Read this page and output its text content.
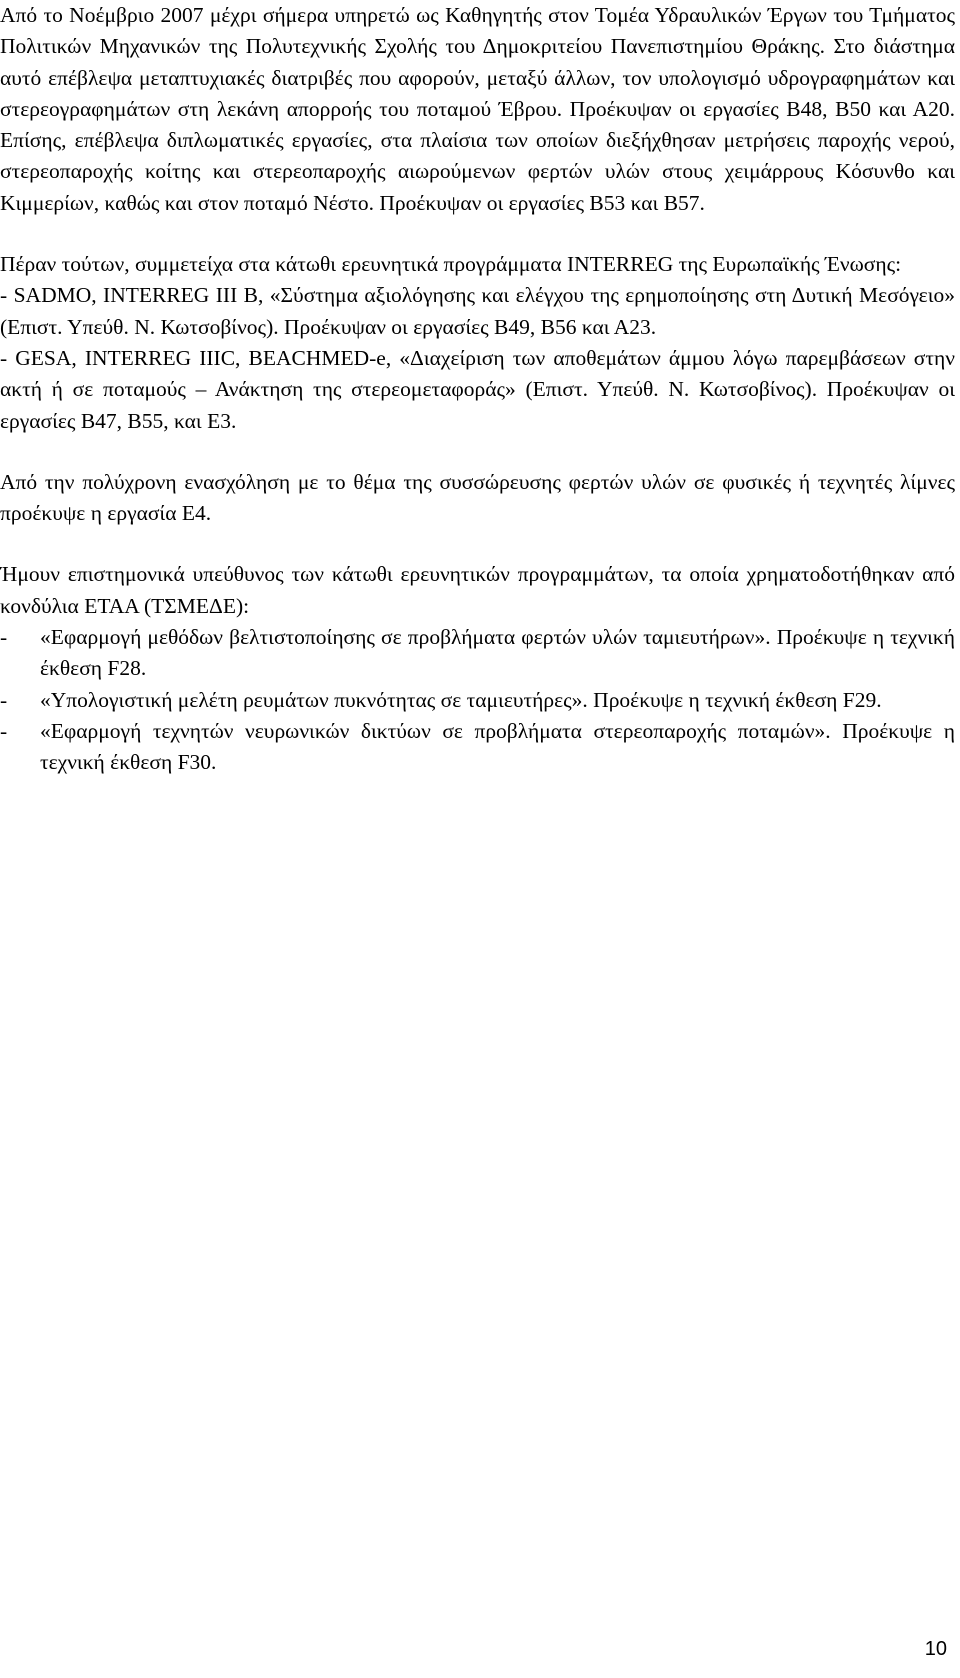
Από το Νοέμβριο 2007 μέχρι σήμερα υπηρετώ ως Καθηγητής στον Τομέα Υδραυλικών Έργων του Τμήματος Πολιτικών Μηχανικών της Πολυτεχνικής Σχολής του Δημοκριτείου Πανεπιστημίου Θράκης. Στο διάστημα αυτό επέβλεψα μεταπτυχιακές διατριβές που αφορούν, μεταξύ άλλων, τον υπολογισμό υδρογραφημάτων και στερεογραφημάτων στη λεκάνη απορροής του ποταμού Έβρου. Προέκυψαν οι εργασίες Β48, Β50 και Α20. Επίσης, επέβλεψα διπλωματικές εργασίες, στα πλαίσια των οποίων διεξήχθησαν μετρήσεις παροχής νερού, στερεοπαροχής κοίτης και στερεοπαροχής αιωρούμενων φερτών υλών στους χειμάρρους Κόσυνθο και Κιμμερίων, καθώς και στον ποταμό Νέστο. Προέκυψαν οι εργασίες Β53 και Β57.

Πέραν τούτων, συμμετείχα στα κάτωθι ερευνητικά προγράμματα INTERREG της Ευρωπαϊκής Ένωσης:

- SADMO, INTERREG III B, «Σύστημα αξιολόγησης και ελέγχου της ερημοποίησης στη Δυτική Μεσόγειο» (Επιστ. Υπεύθ. Ν. Κωτσοβίνος). Προέκυψαν οι εργασίες Β49, Β56 και Α23.

- GESA, INTERREG IIIC, BEACHMED-e, «Διαχείριση των αποθεμάτων άμμου λόγω παρεμβάσεων στην ακτή ή σε ποταμούς – Ανάκτηση της στερεομεταφοράς» (Επιστ. Υπεύθ. Ν. Κωτσοβίνος). Προέκυψαν οι εργασίες Β47, Β55, και Ε3.

Από την πολύχρονη ενασχόληση με το θέμα της συσσώρευσης φερτών υλών σε φυσικές ή τεχνητές λίμνες προέκυψε η εργασία Ε4.

Ήμουν επιστημονικά υπεύθυνος των κάτωθι ερευνητικών προγραμμάτων, τα οποία χρηματοδοτήθηκαν από κονδύλια ΕΤΑΑ (ΤΣΜΕΔΕ):

- «Εφαρμογή μεθόδων βελτιστοποίησης σε προβλήματα φερτών υλών ταμιευτήρων». Προέκυψε η τεχνική έκθεση F28.
- «Υπολογιστική μελέτη ρευμάτων πυκνότητας σε ταμιευτήρες». Προέκυψε η τεχνική έκθεση F29.
- «Εφαρμογή τεχνητών νευρωνικών δικτύων σε προβλήματα στερεοπαροχής ποταμών». Προέκυψε η τεχνική έκθεση F30.
10
